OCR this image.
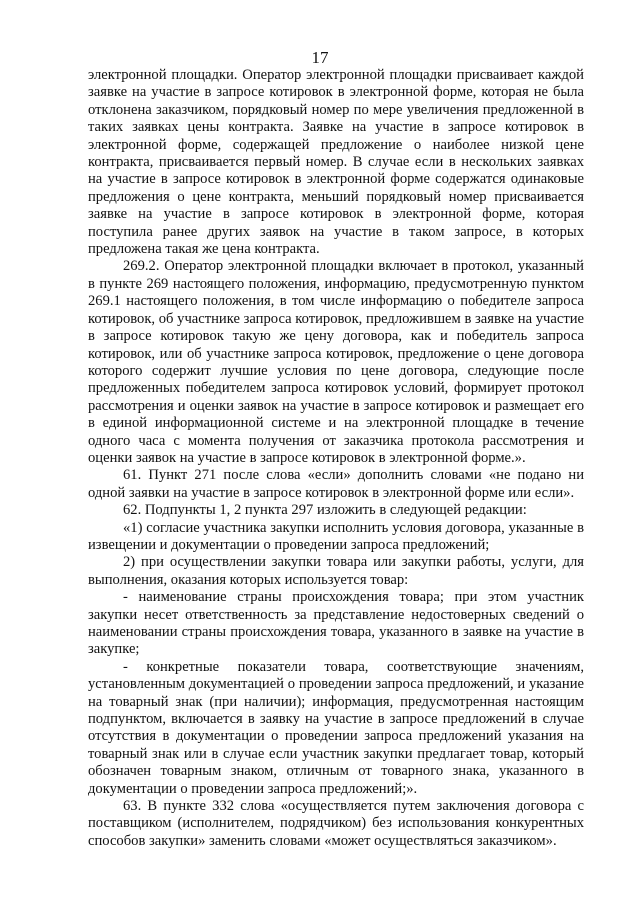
17

электронной площадки. Оператор электронной площадки присваивает каждой заявке на участие в запросе котировок в электронной форме, которая не была отклонена заказчиком, порядковый номер по мере увеличения предложенной в таких заявках цены контракта. Заявке на участие в запросе котировок в электронной форме, содержащей предложение о наиболее низкой цене контракта, присваивается первый номер. В случае если в нескольких заявках на участие в запросе котировок в электронной форме содержатся одинаковые предложения о цене контракта, меньший порядковый номер присваивается заявке на участие в запросе котировок в электронной форме, которая поступила ранее других заявок на участие в таком запросе, в которых предложена такая же цена контракта.

269.2. Оператор электронной площадки включает в протокол, указанный в пункте 269 настоящего положения, информацию, предусмотренную пунктом 269.1 настоящего положения, в том числе информацию о победителе запроса котировок, об участнике запроса котировок, предложившем в заявке на участие в запросе котировок такую же цену договора, как и победитель запроса котировок, или об участнике запроса котировок, предложение о цене договора которого содержит лучшие условия по цене договора, следующие после предложенных победителем запроса котировок условий, формирует протокол рассмотрения и оценки заявок на участие в запросе котировок и размещает его в единой информационной системе и на электронной площадке в течение одного часа с момента получения от заказчика протокола рассмотрения и оценки заявок на участие в запросе котировок в электронной форме.».

61. Пункт 271 после слова «если» дополнить словами «не подано ни одной заявки на участие в запросе котировок в электронной форме или если».

62. Подпункты 1, 2 пункта 297 изложить в следующей редакции:

«1) согласие участника закупки исполнить условия договора, указанные в извещении и документации о проведении запроса предложений;

2) при осуществлении закупки товара или закупки работы, услуги, для выполнения, оказания которых используется товар:

- наименование страны происхождения товара; при этом участник закупки несет ответственность за представление недостоверных сведений о наименовании страны происхождения товара, указанного в заявке на участие в закупке;

- конкретные показатели товара, соответствующие значениям, установленным документацией о проведении запроса предложений, и указание на товарный знак (при наличии); информация, предусмотренная настоящим подпунктом, включается в заявку на участие в запросе предложений в случае отсутствия в документации о проведении запроса предложений указания на товарный знак или в случае если участник закупки предлагает товар, который обозначен товарным знаком, отличным от товарного знака, указанного в документации о проведении запроса предложений;».

63. В пункте 332 слова «осуществляется путем заключения договора с поставщиком (исполнителем, подрядчиком) без использования конкурентных способов закупки» заменить словами «может осуществляться заказчиком».
